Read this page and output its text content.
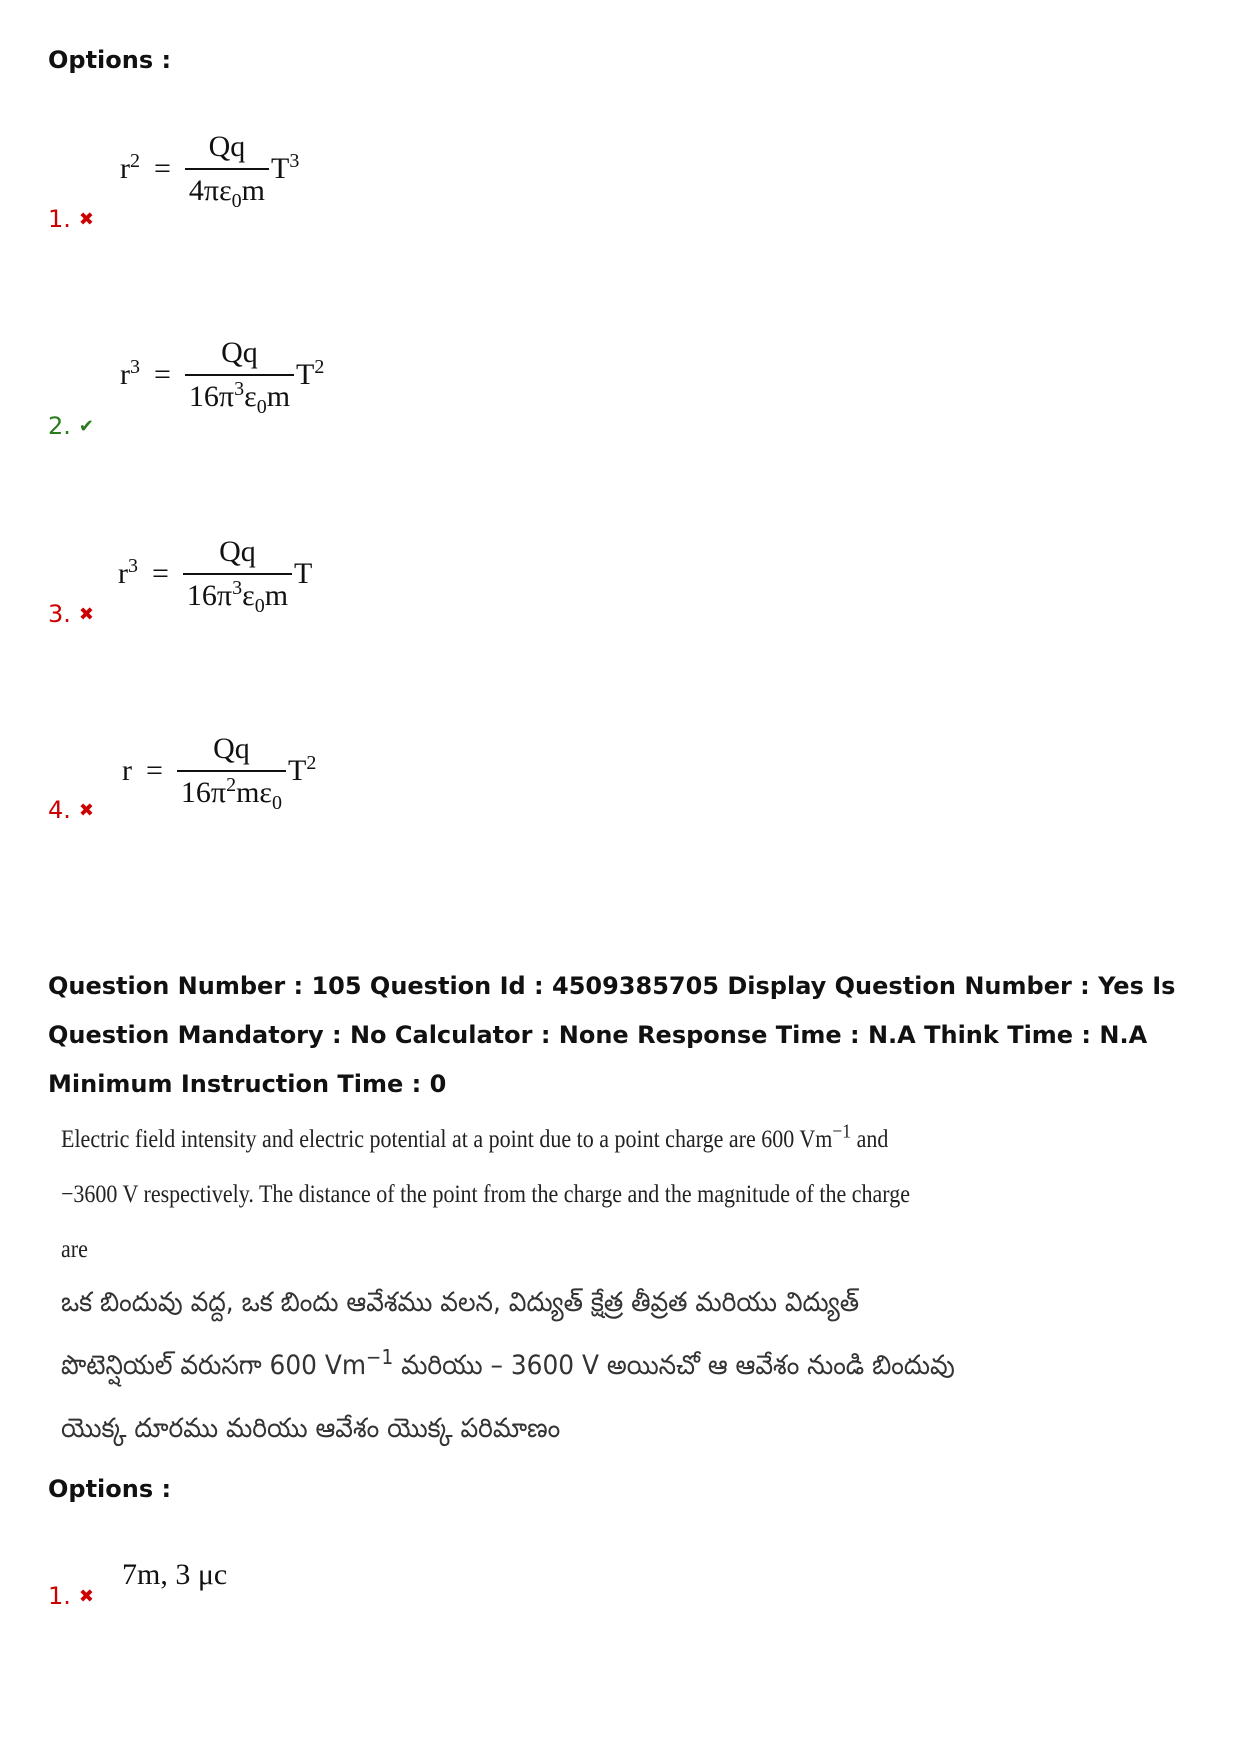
Options :
$r^2 = \frac{Qq}{4\pi\varepsilon_0m} T^3$
1. ✖
$r^3 = \frac{Qq}{16\pi^3\varepsilon_0m} T^2$
2. ✔
$r^3 = \frac{Qq}{16\pi^3\varepsilon_0m}$ T
3. ✖
$r = \frac{Qq}{16\pi^2m\varepsilon_0} T^2$
4. ✖
Question Number : 105 Question Id : 4509385705 Display Question Number : Yes Is Question Mandatory : No Calculator : None Response Time : N.A Think Time : N.A Minimum Instruction Time : 0
Electric field intensity and electric potential at a point due to a point charge are 600 $Vm^{-1}$ and
−3600 V respectively. The distance of the point from the charge and the magnitude of the charge
are
ఒక బిందువు వద్ద, ఒక బిందు ఆవేశము వలన, విద్యుత్ క్షేత్ర తీవ్రత మరియు విద్యుత్
పొటెన్షియల్ వరుసగా 600 $Vm^{-1}$ మరియు – 3600 V అయినచో ఆ ఆవేశం నుండి బిందువు
యొక్క దూరము మరియు ఆవేశం యొక్క పరిమాణం
Options :
7m, 3 μc
1. ✖
